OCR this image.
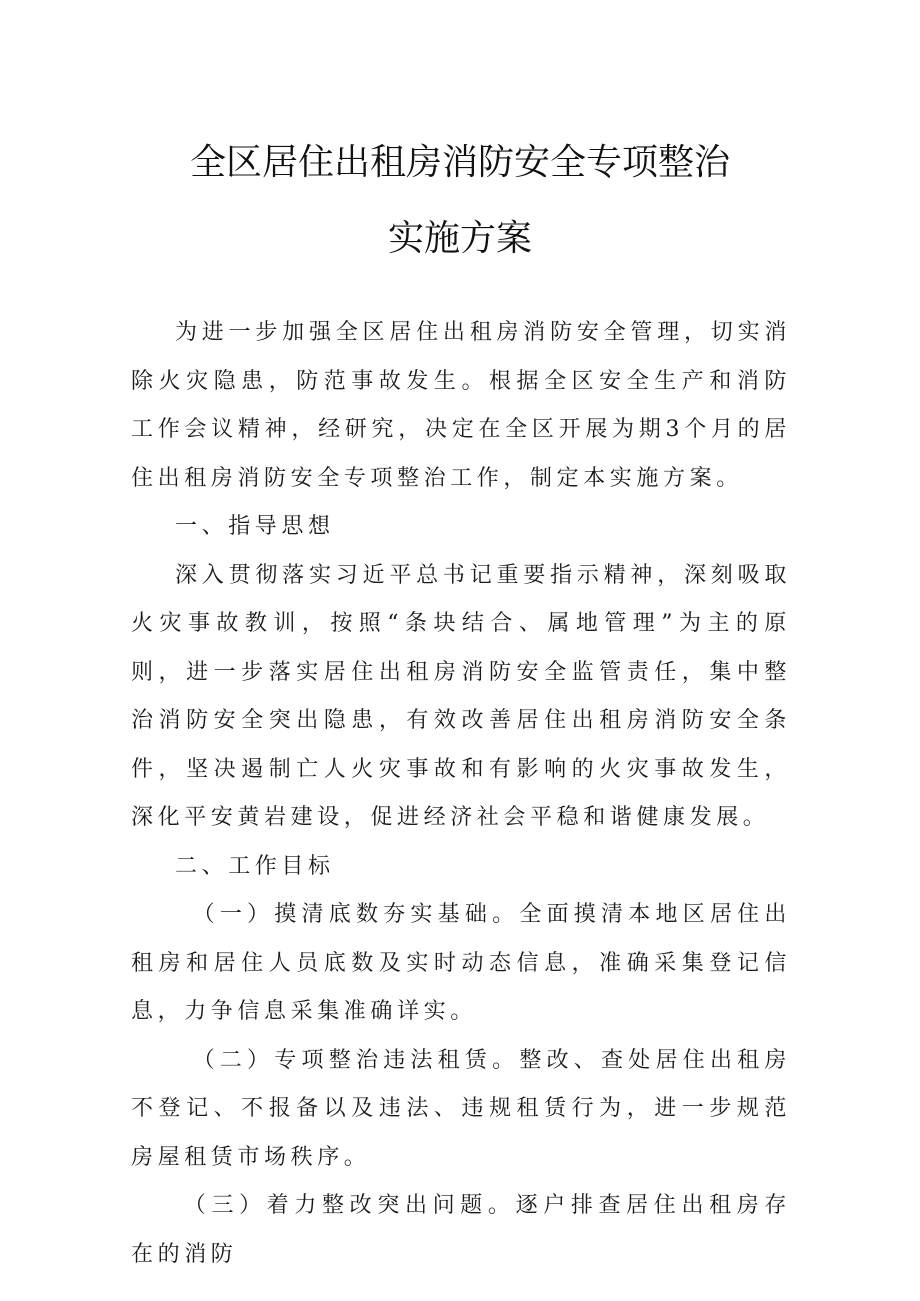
全区居住出租房消防安全专项整治
实施方案

为进一步加强全区居住出租房消防安全管理，切实消除火灾隐患，防范事故发生。根据全区安全生产和消防工作会议精神，经研究，决定在全区开展为期3个月的居住出租房消防安全专项整治工作，制定本实施方案。

一、指导思想

深入贯彻落实习近平总书记重要指示精神，深刻吸取火灾事故教训，按照“条块结合、属地管理”为主的原则，进一步落实居住出租房消防安全监管责任，集中整治消防安全突出隐患，有效改善居住出租房消防安全条件，坚决遏制亡人火灾事故和有影响的火灾事故发生，深化平安黄岩建设，促进经济社会平稳和谐健康发展。

二、工作目标

（一）摸清底数夯实基础。全面摸清本地区居住出租房和居住人员底数及实时动态信息，准确采集登记信息，力争信息采集准确详实。

（二）专项整治违法租赁。整改、查处居住出租房不登记、不报备以及违法、违规租赁行为，进一步规范房屋租赁市场秩序。

（三）着力整改突出问题。逐户排查居住出租房存在的消防
